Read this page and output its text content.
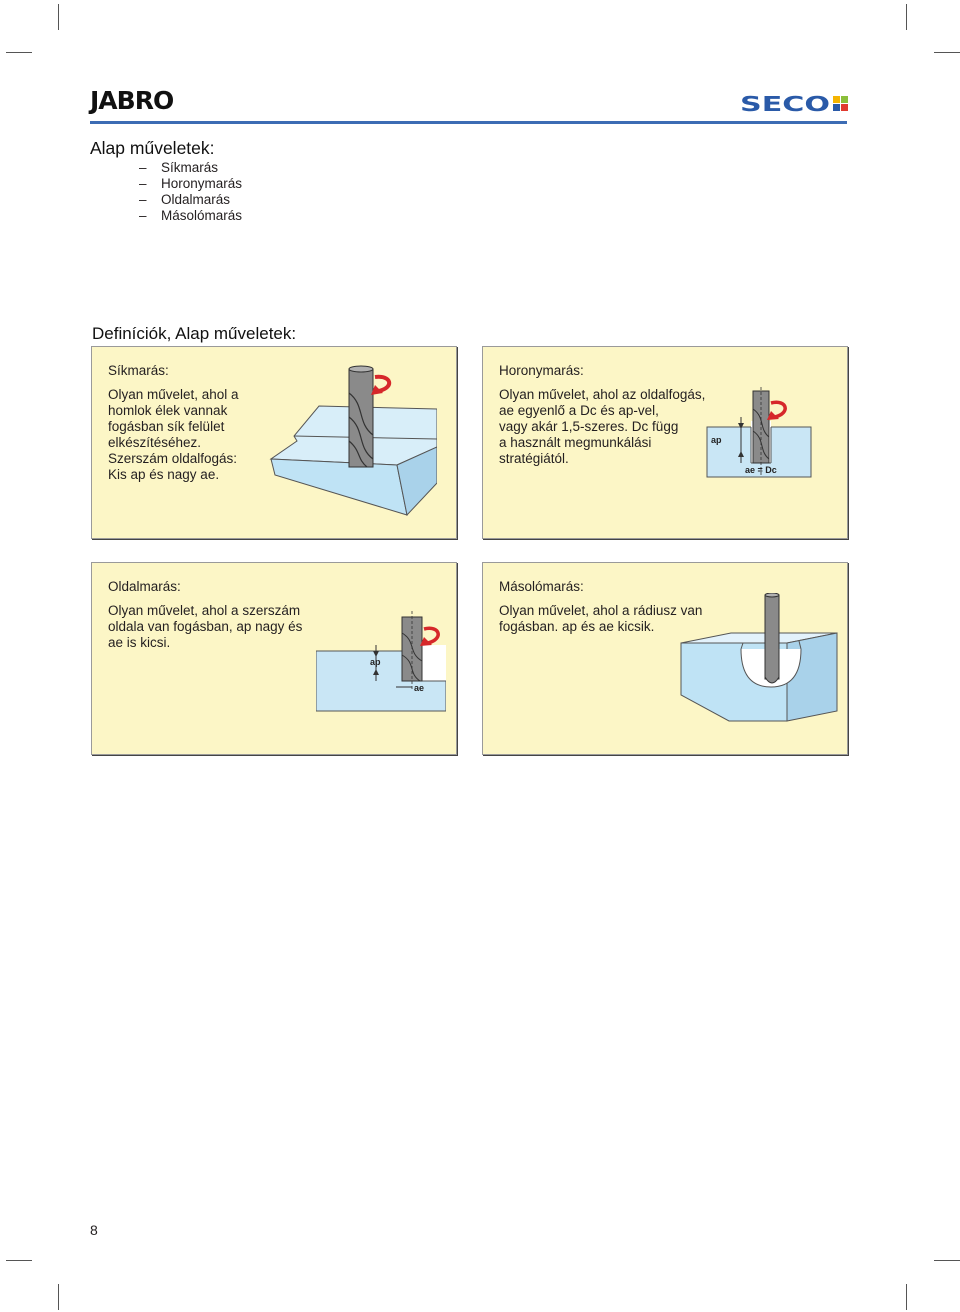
JABRO	SECO
Alap műveletek:
– Síkmarás
– Horonymarás
– Oldalmarás
– Másolómarás
Definíciók, Alap műveletek:
Síkmarás:
Olyan művelet, ahol a
homlok élek vannak
fogásban sík felület
elkészítéséhez.
Szerszám oldalfogás:
Kis ap és nagy ae.
Horonymarás:
Olyan művelet, ahol az oldalfogás,
ae egyenlő a Dc és ap-vel,
vagy akár 1,5-szeres. Dc függ
a használt megmunkálási
stratégiától.
ap
ae = Dc
Oldalmarás:
Olyan művelet, ahol a szerszám
oldala van fogásban, ap nagy és
ae is kicsi.
ap
ae
Másolómarás:
Olyan művelet, ahol a rádiusz van
fogásban. ap és ae kicsik.
8
